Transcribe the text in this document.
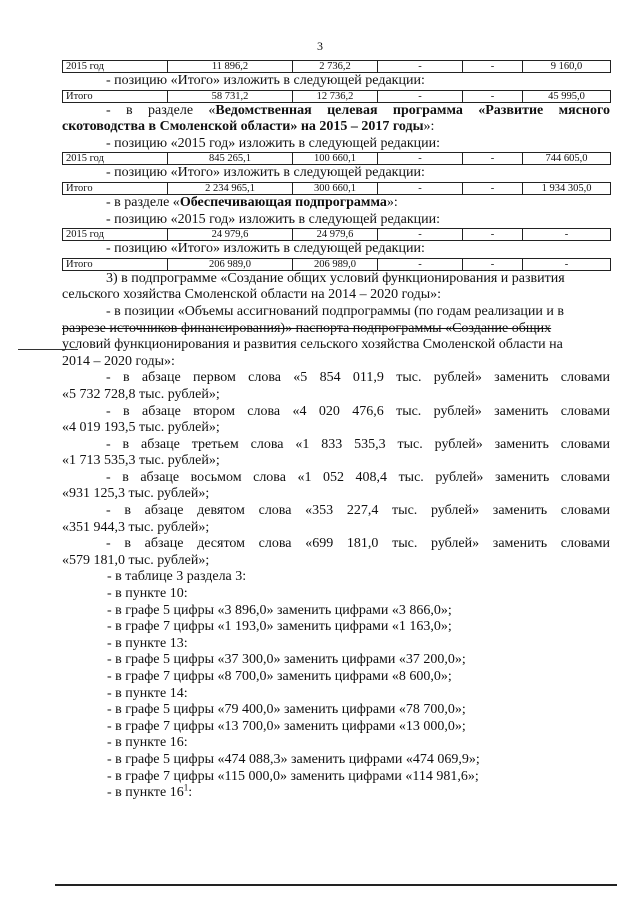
3
2015 год	11 896,2	2 736,2	-	-	9 160,0

- позицию «Итого» изложить в следующей редакции:

Итого	58 731,2	12 736,2	-	-	45 995,0

- в разделе «Ведомственная целевая программа «Развитие мясного скотоводства в Смоленской области» на 2015 – 2017 годы»:

- позицию «2015 год» изложить в следующей редакции:

2015 год	845 265,1	100 660,1	-	-	744 605,0

- позицию «Итого» изложить в следующей редакции:

Итого	2 234 965,1	300 660,1	-	-	1 934 305,0

- в разделе «Обеспечивающая подпрограмма»:

- позицию «2015 год» изложить в следующей редакции:

2015 год	24 979,6	24 979,6	-	-	-

- позицию «Итого» изложить в следующей редакции:

Итого	206 989,0	206 989,0	-	-	-

3) в подпрограмме «Создание общих условий функционирования и развития

сельского хозяйства Смоленской области на 2014 – 2020 годы»:

- в позиции «Объемы ассигнований подпрограммы (по годам реализации и в

разрезе источников финансирования)» паспорта подпрограммы «Создание общих

условий функционирования и развития сельского хозяйства Смоленской области на

2014 – 2020 годы»:

- в абзаце первом слова «5 854 011,9 тыс. рублей» заменить словами

«5 732 728,8 тыс. рублей»;

- в абзаце втором слова «4 020 476,6 тыс. рублей» заменить словами

«4 019 193,5 тыс. рублей»;

- в абзаце третьем слова «1 833 535,3 тыс. рублей» заменить словами

«1 713 535,3 тыс. рублей»;

- в абзаце восьмом слова «1 052 408,4 тыс. рублей» заменить словами

«931 125,3 тыс. рублей»;

- в абзаце девятом слова «353 227,4 тыс. рублей» заменить словами

«351 944,3 тыс. рублей»;

- в абзаце десятом слова «699 181,0 тыс. рублей» заменить словами

«579 181,0 тыс. рублей»;

- в таблице 3 раздела 3:

- в пункте 10:

- в графе 5 цифры «3 896,0» заменить цифрами «3 866,0»;

- в графе 7 цифры «1 193,0» заменить цифрами «1 163,0»;

- в пункте 13:

- в графе 5 цифры «37 300,0» заменить цифрами «37 200,0»;

- в графе 7 цифры «8 700,0» заменить цифрами «8 600,0»;

- в пункте 14:

- в графе 5 цифры «79 400,0» заменить цифрами «78 700,0»;

- в графе 7 цифры «13 700,0» заменить цифрами «13 000,0»;

- в пункте 16:

- в графе 5 цифры «474 088,3» заменить цифрами «474 069,9»;

- в графе 7 цифры «115 000,0» заменить цифрами «114 981,6»;

- в пункте $16^1$:
